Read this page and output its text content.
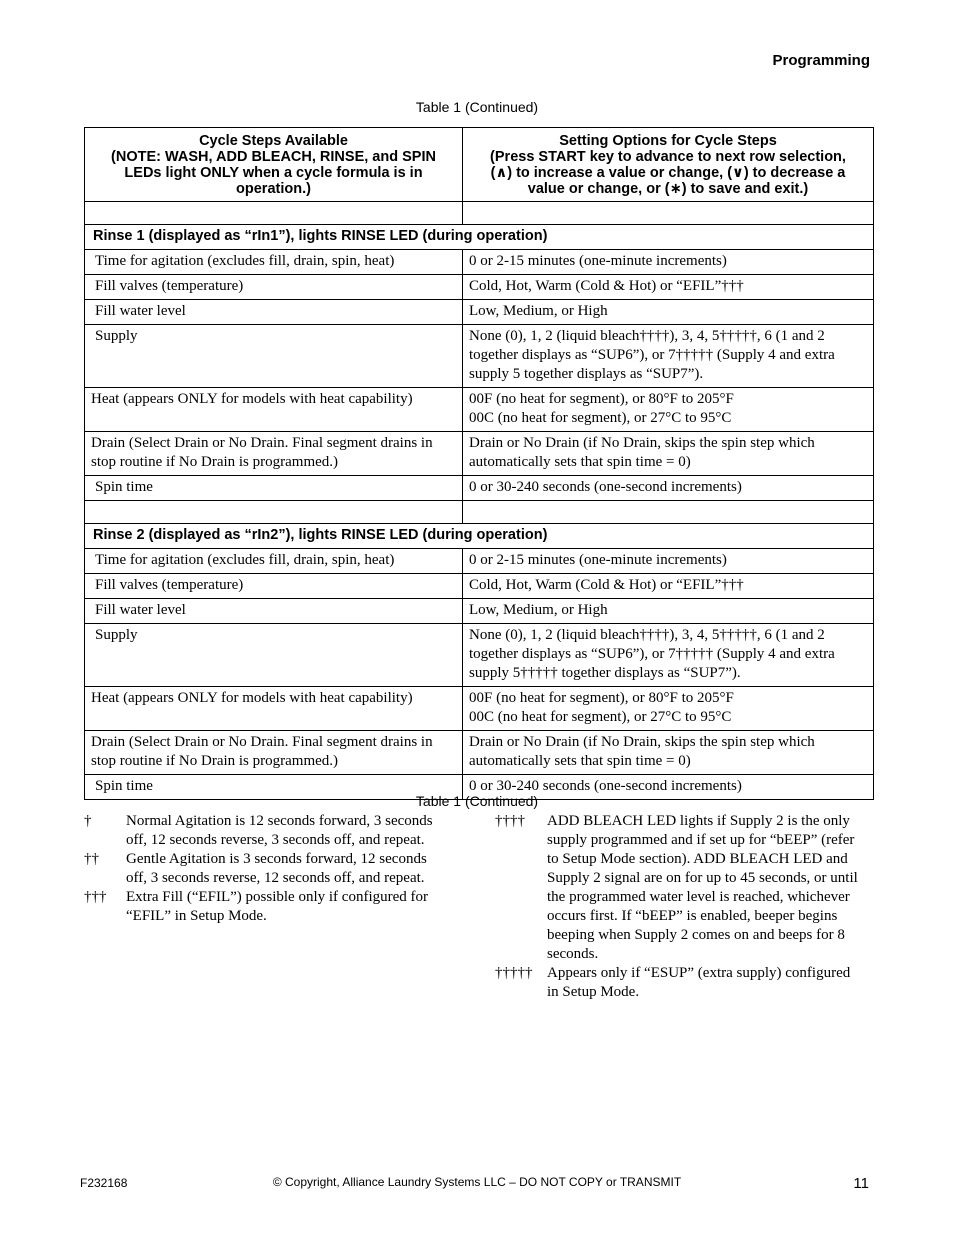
Programming
Table 1 (Continued)
Cycle Steps Available
(NOTE: WASH, ADD BLEACH, RINSE, and SPIN
LEDs light ONLY when a cycle formula is in
operation.)	Setting Options for Cycle Steps
(Press START key to advance to next row selection,
(∧) to increase a value or change, (∨) to decrease a
value or change, or (∗) to save and exit.)

Rinse 1 (displayed as “rIn1”), lights RINSE LED (during operation)	

Time for agitation (excludes fill, drain, spin, heat)	0 or 2-15 minutes (one-minute increments)

Fill valves (temperature)	Cold, Hot, Warm (Cold & Hot) or “EFIL”†††

Fill water level	Low, Medium, or High

Supply	None (0), 1, 2 (liquid bleach††††), 3, 4, 5†††††, 6 (1 and 2
together displays as “SUP6”), or 7††††† (Supply 4 and extra
supply 5 together displays as “SUP7”).

Heat (appears ONLY for models with heat capability)	00F (no heat for segment), or 80°F to 205°F
00C (no heat for segment), or 27°C to 95°C

Drain (Select Drain or No Drain. Final segment drains in
stop routine if No Drain is programmed.)	Drain or No Drain (if No Drain, skips the spin step which
automatically sets that spin time = 0)

Spin time	0 or 30-240 seconds (one-second increments)

Rinse 2 (displayed as “rIn2”), lights RINSE LED (during operation)	

Time for agitation (excludes fill, drain, spin, heat)	0 or 2-15 minutes (one-minute increments)

Fill valves (temperature)	Cold, Hot, Warm (Cold & Hot) or “EFIL”†††

Fill water level	Low, Medium, or High

Supply	None (0), 1, 2 (liquid bleach††††), 3, 4, 5†††††, 6 (1 and 2
together displays as “SUP6”), or 7††††† (Supply 4 and extra
supply 5††††† together displays as “SUP7”).

Heat (appears ONLY for models with heat capability)	00F (no heat for segment), or 80°F to 205°F
00C (no heat for segment), or 27°C to 95°C

Drain (Select Drain or No Drain. Final segment drains in
stop routine if No Drain is programmed.)	Drain or No Drain (if No Drain, skips the spin step which
automatically sets that spin time = 0)

Spin time	0 or 30-240 seconds (one-second increments)
Table 1 (Continued)
†	Normal Agitation is 12 seconds forward, 3 seconds
off, 12 seconds reverse, 3 seconds off, and repeat.
††	Gentle Agitation is 3 seconds forward, 12 seconds
off, 3 seconds reverse, 12 seconds off, and repeat.
†††	Extra Fill (“EFIL”) possible only if configured for
“EFIL” in Setup Mode.
††††	ADD BLEACH LED lights if Supply 2 is the only
supply programmed and if set up for “bEEP” (refer
to Setup Mode section). ADD BLEACH LED and
Supply 2 signal are on for up to 45 seconds, or until
the programmed water level is reached, whichever
occurs first. If “bEEP” is enabled, beeper begins
beeping when Supply 2 comes on and beeps for 8
seconds.
††††† Appears only if “ESUP” (extra supply) configured
in Setup Mode.
F232168	© Copyright, Alliance Laundry Systems LLC – DO NOT COPY or TRANSMIT	11
